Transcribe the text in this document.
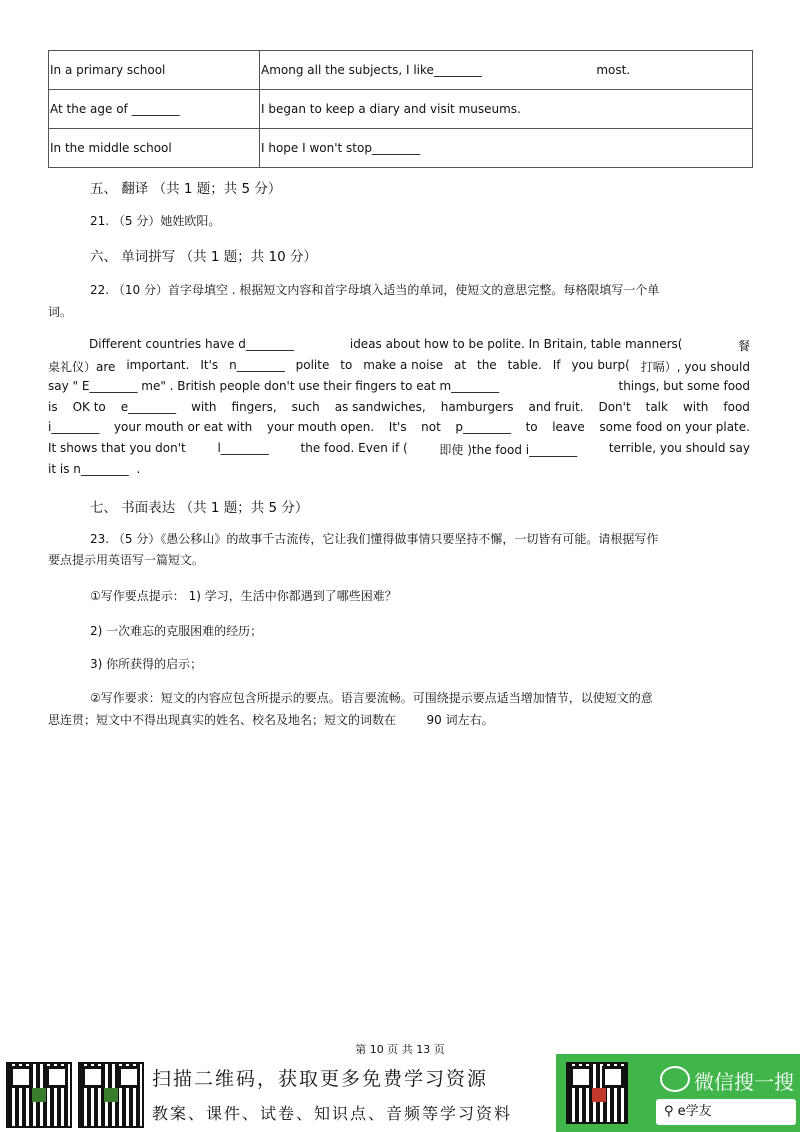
In a primary school	Among all the subjects, I like________                              most.
At the age of ________	I began to keep a diary and visit museums.
In the middle school	I hope I won't stop________
五、 翻译 （共 1 题；共 5 分）
21. （5 分）她姓欧阳。
六、 单词拼写 （共 1 题；共 10 分）
22. （10 分）首字母填空 . 根据短文内容和首字母填入适当的单词，使短文的意思完整。每格限填写一个单
词。
Different countries have d________	ideas about how to be polite. In Britain, table manners(	餐
桌礼仪）are important. It's n________ polite to make a noise at the table. If you burp( 打嗝）, you should
say " E________ me" . British people don't use their fingers to eat m________	things, but some food
is OK to e________ with fingers, such as sandwiches, hamburgers and fruit. Don't talk with food
i________ your mouth or eat with your mouth open. It's not p________ to leave some food on your plate.
It shows that you don't	l________	the food. Even if (	即使 )the food i________	terrible, you should say
it is n________  .
七、 书面表达 （共 1 题；共 5 分）
23. （5 分）《愚公移山》的故事千古流传，它让我们懂得做事情只要坚持不懈，一切皆有可能。请根据写作
要点提示用英语写一篇短文。
①写作要点提示： 1) 学习，生活中你都遇到了哪些困难？
2) 一次难忘的克服困难的经历；
3) 你所获得的启示；
②写作要求：短文的内容应包含所提示的要点。语言要流畅。可围绕提示要点适当增加情节，以使短文的意
思连贯；短文中不得出现真实的姓名、校名及地名；短文的词数在        90 词左右。
第 10 页 共 13 页
扫描二维码，获取更多免费学习资源
教案、课件、试卷、知识点、音频等学习资料
微信搜一搜
⚲ e学友
